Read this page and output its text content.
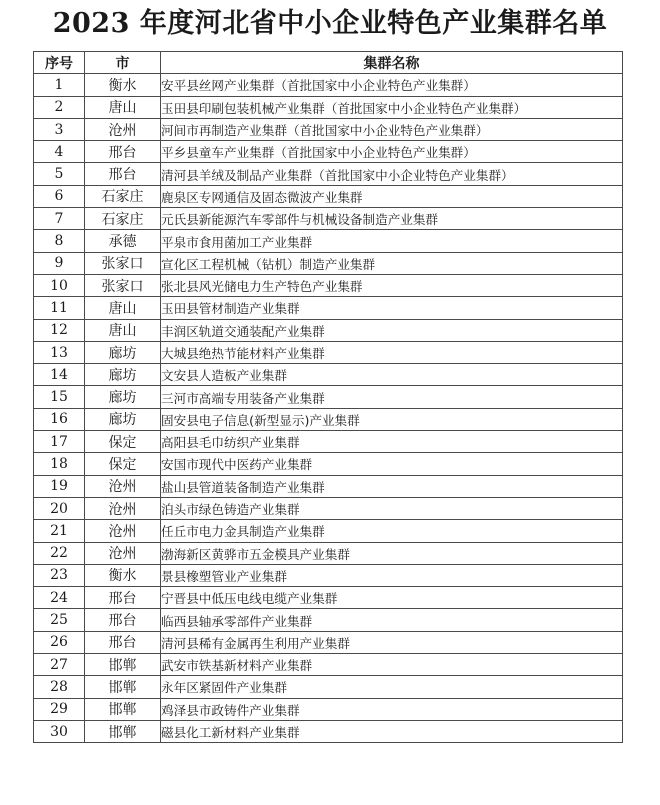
2023 年度河北省中小企业特色产业集群名单
序号	市	集群名称
1	衡水	安平县丝网产业集群（首批国家中小企业特色产业集群）
2	唐山	玉田县印刷包装机械产业集群（首批国家中小企业特色产业集群）
3	沧州	河间市再制造产业集群（首批国家中小企业特色产业集群）
4	邢台	平乡县童车产业集群（首批国家中小企业特色产业集群）
5	邢台	清河县羊绒及制品产业集群（首批国家中小企业特色产业集群）
6	石家庄	鹿泉区专网通信及固态微波产业集群
7	石家庄	元氏县新能源汽车零部件与机械设备制造产业集群
8	承德	平泉市食用菌加工产业集群
9	张家口	宣化区工程机械（钻机）制造产业集群
10	张家口	张北县风光储电力生产特色产业集群
11	唐山	玉田县管材制造产业集群
12	唐山	丰润区轨道交通装配产业集群
13	廊坊	大城县绝热节能材料产业集群
14	廊坊	文安县人造板产业集群
15	廊坊	三河市高端专用装备产业集群
16	廊坊	固安县电子信息(新型显示)产业集群
17	保定	高阳县毛巾纺织产业集群
18	保定	安国市现代中医药产业集群
19	沧州	盐山县管道装备制造产业集群
20	沧州	泊头市绿色铸造产业集群
21	沧州	任丘市电力金具制造产业集群
22	沧州	渤海新区黄骅市五金模具产业集群
23	衡水	景县橡塑管业产业集群
24	邢台	宁晋县中低压电线电缆产业集群
25	邢台	临西县轴承零部件产业集群
26	邢台	清河县稀有金属再生利用产业集群
27	邯郸	武安市铁基新材料产业集群
28	邯郸	永年区紧固件产业集群
29	邯郸	鸡泽县市政铸件产业集群
30	邯郸	磁县化工新材料产业集群
